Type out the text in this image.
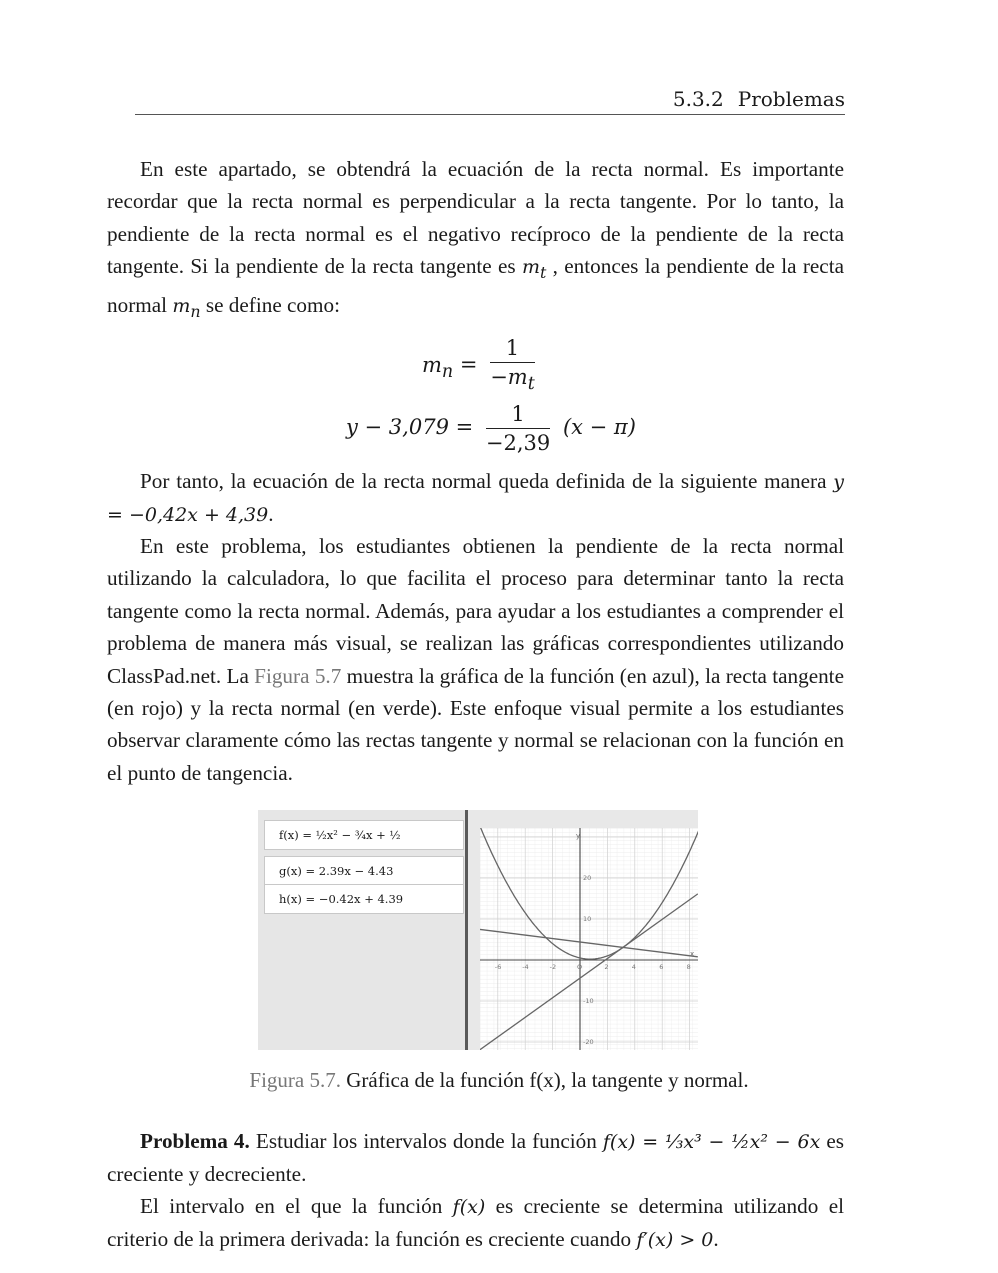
5.3.2 Problemas

En este apartado, se obtendrá la ecuación de la recta normal. Es importante recordar que la recta normal es perpendicular a la recta tangente. Por lo tanto, la pendiente de la recta normal es el negativo recíproco de la pendiente de la recta tangente. Si la pendiente de la recta tangente es $m_t$ , entonces la pendiente de la recta normal $m_n$ se define como:

$m_n = \frac{1}{-m_t}$
$y - 3,079 = \frac{1}{-2,39} (x - \pi)$

Por tanto, la ecuación de la recta normal queda definida de la siguiente manera y = −0,42x + 4,39.

En este problema, los estudiantes obtienen la pendiente de la recta normal utilizando la calculadora, lo que facilita el proceso para determinar tanto la recta tangente como la recta normal. Además, para ayudar a los estudiantes a comprender el problema de manera más visual, se realizan las gráficas correspondientes utilizando ClassPad.net. La Figura 5.7 muestra la gráfica de la función (en azul), la recta tangente (en rojo) y la recta normal (en verde). Este enfoque visual permite a los estudiantes observar claramente cómo las rectas tangente y normal se relacionan con la función en el punto de tangencia.

f(x) = ½x² − ¾x + ½
g(x) = 2.39x − 4.43
h(x) = −0.42x + 4.39
-6	-4	-2	O	2	4	6	8
20
10
-10
-20
x
y
Figura 5.7. Gráfica de la función f(x), la tangente y normal.

Problema 4. Estudiar los intervalos donde la función f(x) = ⅓x³ − ½x² − 6x es creciente y decreciente.

El intervalo en el que la función f(x) es creciente se determina utilizando el criterio de la primera derivada: la función es creciente cuando f′(x) > 0.
